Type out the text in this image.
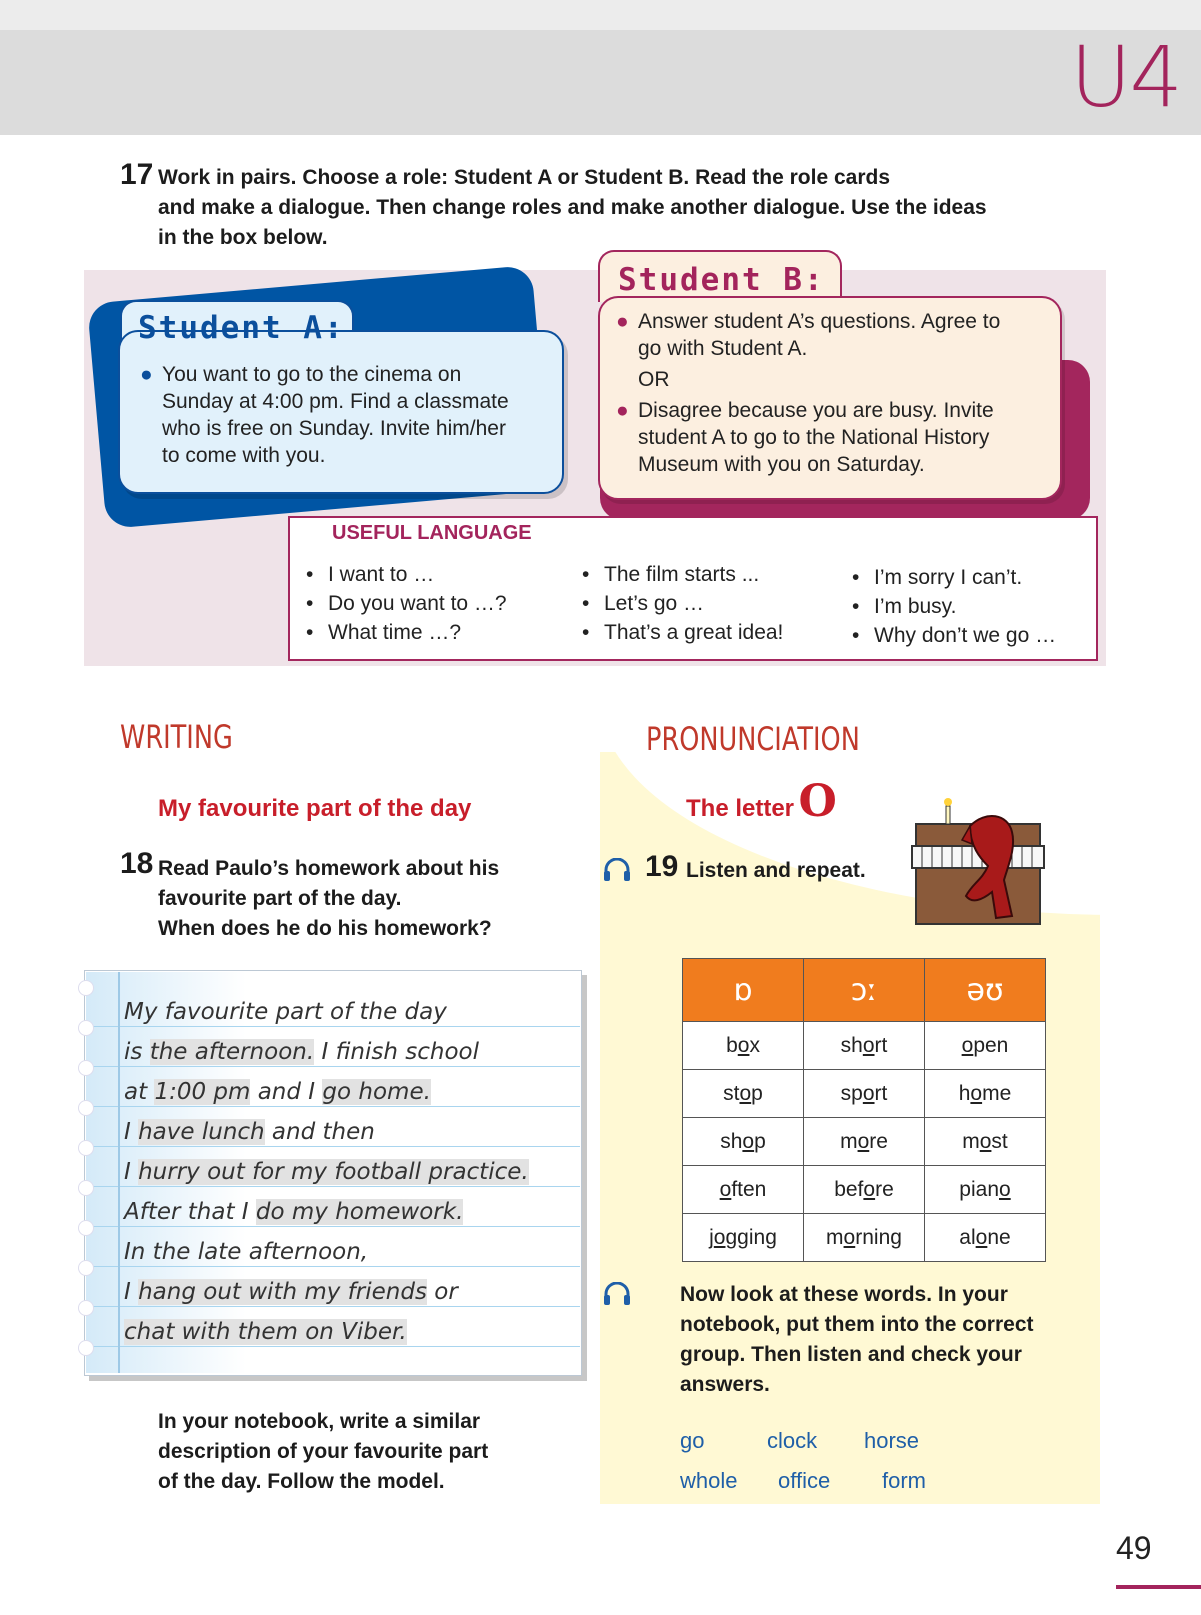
U4
17 Work in pairs. Choose a role: Student A or Student B. Read the role cards
and make a dialogue. Then change roles and make another dialogue. Use the ideas
in the box below.
Student A:
● You want to go to the cinema on
Sunday at 4:00 pm. Find a classmate
who is free on Sunday. Invite him/her
to come with you.
Student B:
● Answer student A’s questions. Agree to
go with Student A.
OR
● Disagree because you are busy. Invite
student A to go to the National History
Museum with you on Saturday.
USEFUL LANGUAGE
• I want to …
• Do you want to …?
• What time …?
• The film starts ...
• Let’s go …
• That’s a great idea!
• I’m sorry I can’t.
• I’m busy.
• Why don’t we go …
WRITING
My favourite part of the day
18 Read Paulo’s homework about his
favourite part of the day.
When does he do his homework?
My favourite part of the day
is the afternoon. I finish school
at 1:00 pm and I go home.
I have lunch and then
I hurry out for my football practice.
After that I do my homework.
In the late afternoon,
I hang out with my friends or
chat with them on Viber.
In your notebook, write a similar
description of your favourite part
of the day. Follow the model.
PRONUNCIATION
The letter O
19 Listen and repeat.
ɒ	ɔː	əʊ
box	short	open
stop	sport	home
shop	more	most
often	before	piano
jogging	morning	alone
Now look at these words. In your
notebook, put them into the correct
group. Then listen and check your
answers.
go	clock horse
whole office form
49
